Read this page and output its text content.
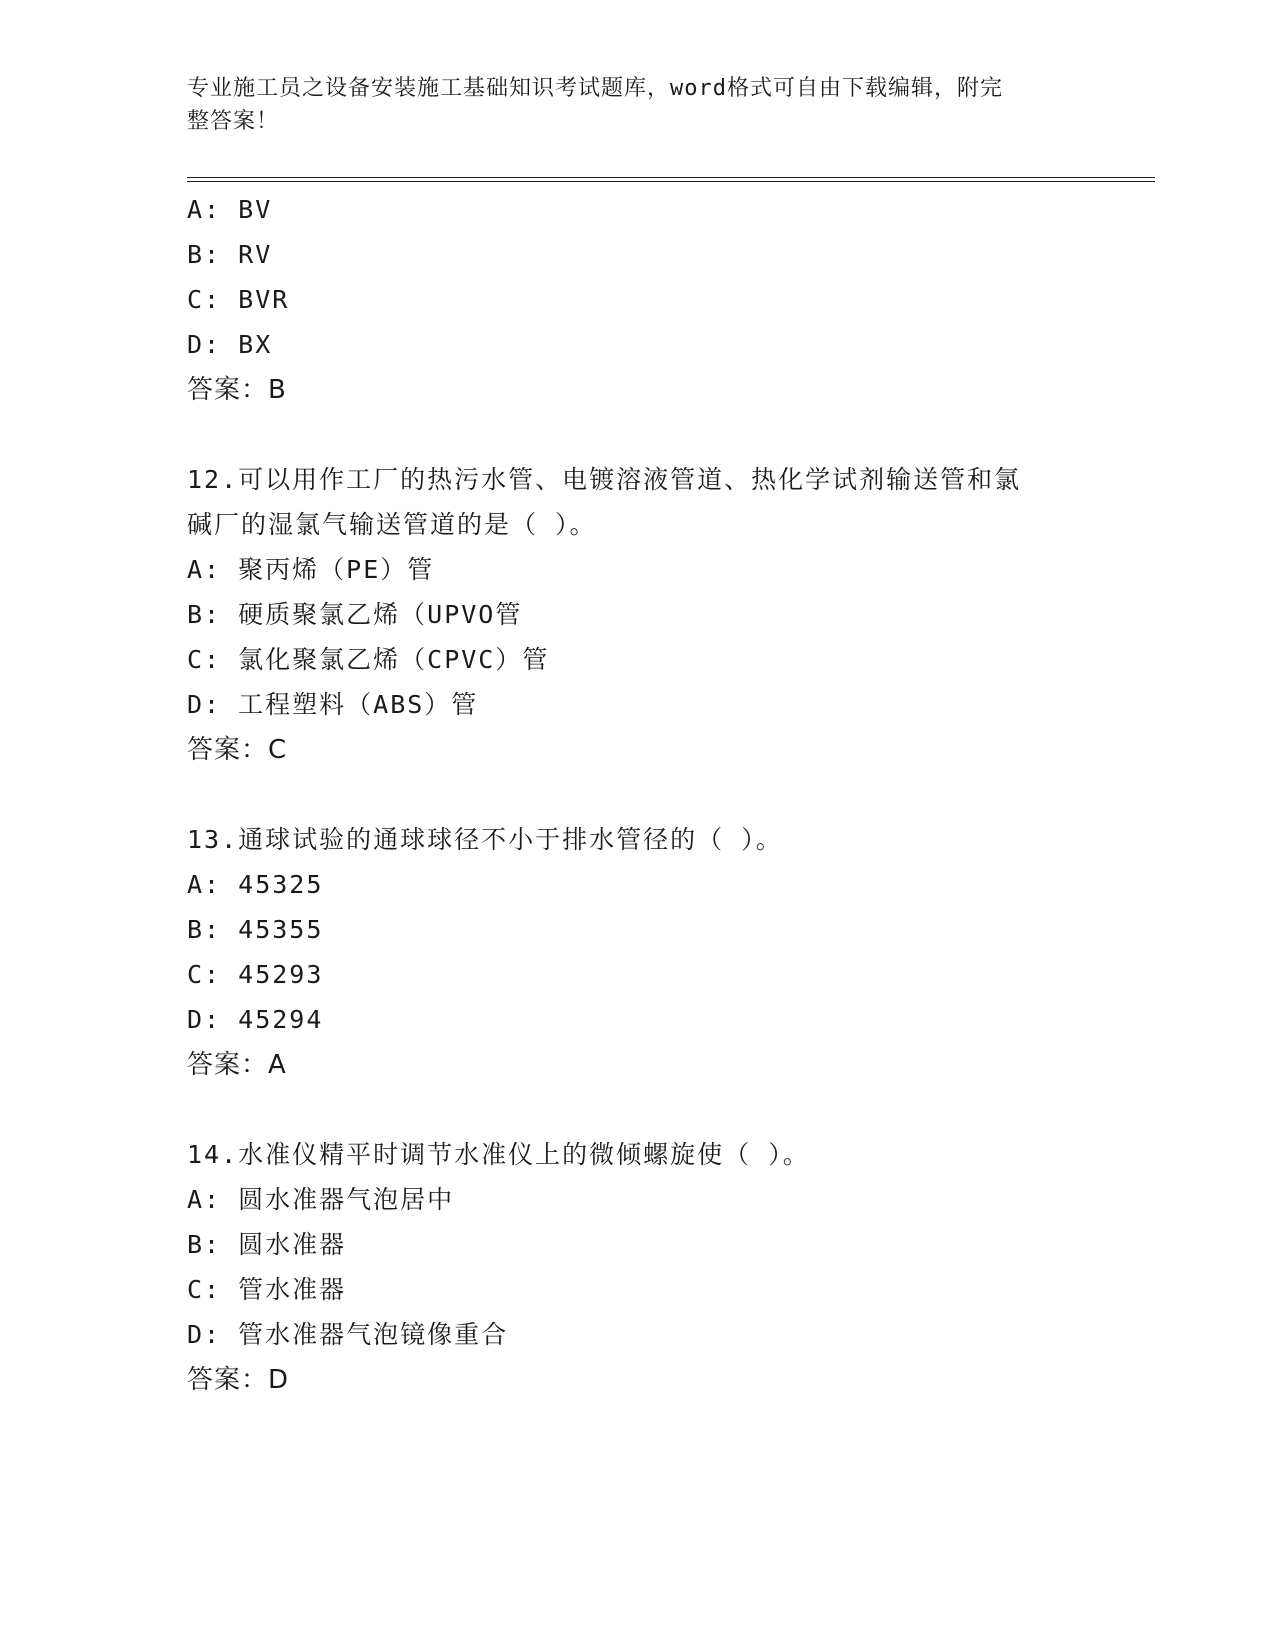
专业施工员之设备安装施工基础知识考试题库，word格式可自由下载编辑，附完
整答案！
A: BV
B: RV
C: BVR
D: BX
答案：B
12.可以用作工厂的热污水管、电镀溶液管道、热化学试剂输送管和氯
碱厂的湿氯气输送管道的是（ ）。
A: 聚丙烯（PE）管
B: 硬质聚氯乙烯（UPVO管
C: 氯化聚氯乙烯（CPVC）管
D: 工程塑料（ABS）管
答案：C
13.通球试验的通球球径不小于排水管径的（ ）。
A: 45325
B: 45355
C: 45293
D: 45294
答案：A
14.水准仪精平时调节水准仪上的微倾螺旋使（ ）。
A: 圆水准器气泡居中
B: 圆水准器
C: 管水准器
D: 管水准器气泡镜像重合
答案：D
